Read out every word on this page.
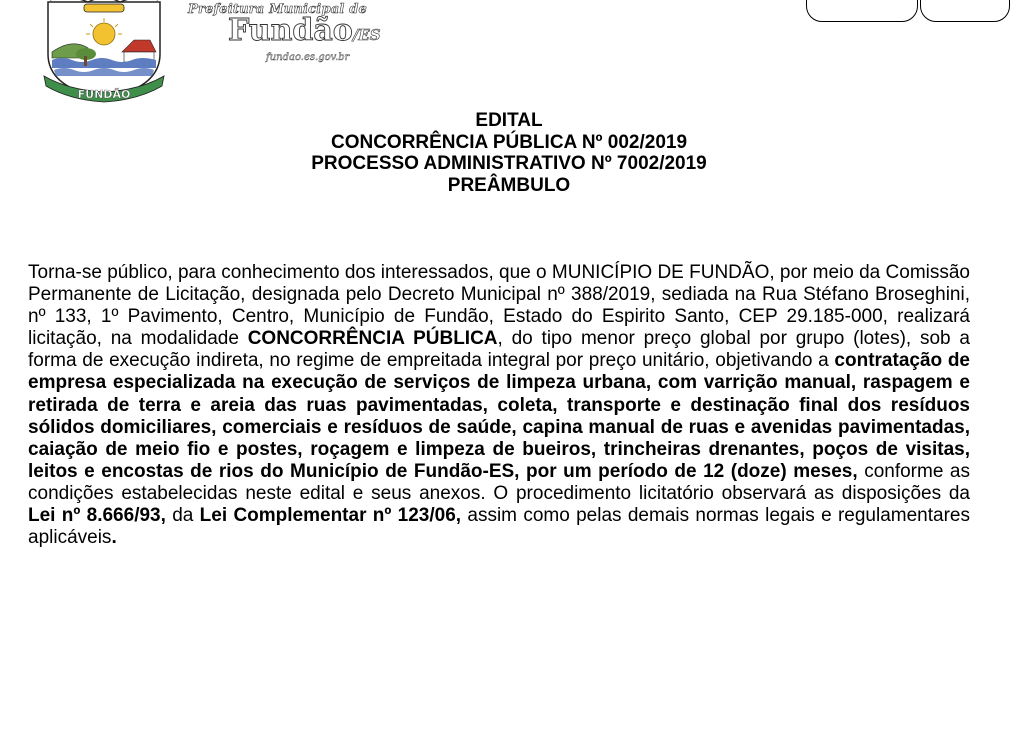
FUNDÃO
Prefeitura Municipal de
Fundão/ES
fundao.es.gov.br
EDITAL
CONCORRÊNCIA PÚBLICA Nº 002/2019
PROCESSO ADMINISTRATIVO Nº 7002/2019
PREÂMBULO

Torna-se público, para conhecimento dos interessados, que o MUNICÍPIO DE FUNDÃO, por meio da Comissão Permanente de Licitação, designada pelo Decreto Municipal nº 388/2019, sediada na Rua Stéfano Broseghini, nº 133, 1º Pavimento, Centro, Município de Fundão, Estado do Espirito Santo, CEP 29.185-000, realizará licitação, na modalidade CONCORRÊNCIA PÚBLICA, do tipo menor preço global por grupo (lotes), sob a forma de execução indireta, no regime de empreitada integral por preço unitário, objetivando a contratação de empresa especializada na execução de serviços de limpeza urbana, com varrição manual, raspagem e retirada de terra e areia das ruas pavimentadas, coleta, transporte e destinação final dos resíduos sólidos domiciliares, comerciais e resíduos de saúde, capina manual de ruas e avenidas pavimentadas, caiação de meio fio e postes, roçagem e limpeza de bueiros, trincheiras drenantes, poços de visitas, leitos e encostas de rios do Município de Fundão-ES, por um período de 12 (doze) meses, conforme as condições estabelecidas neste edital e seus anexos. O procedimento licitatório observará as disposições da Lei nº 8.666/93, da Lei Complementar nº 123/06, assim como pelas demais normas legais e regulamentares aplicáveis.
